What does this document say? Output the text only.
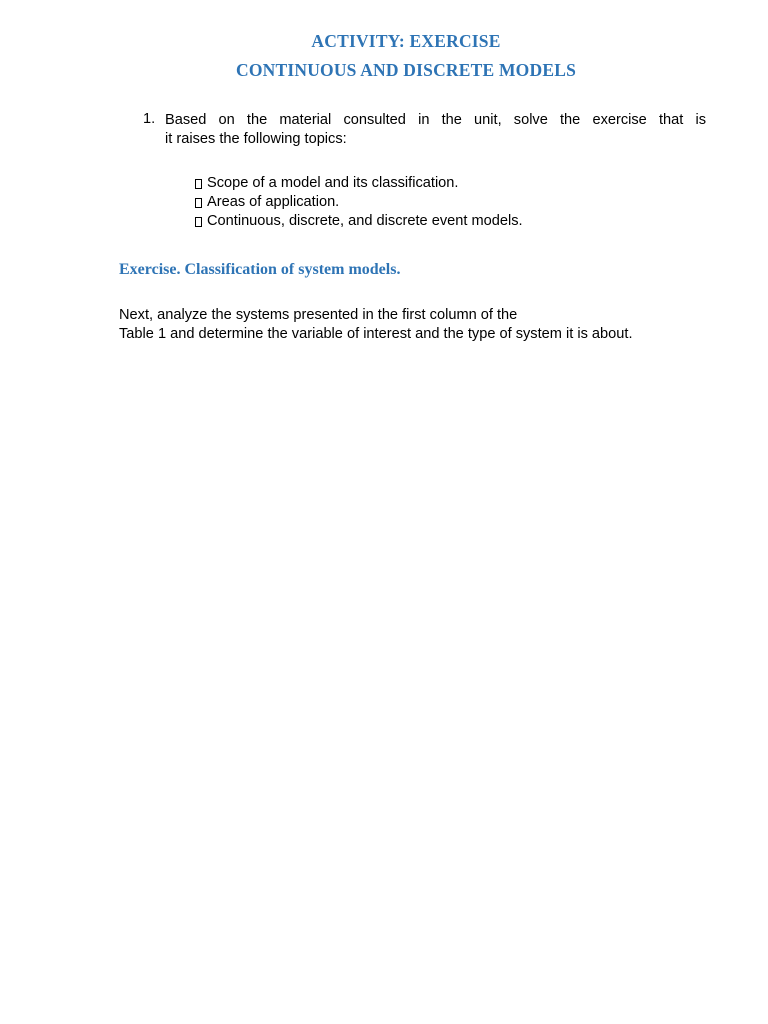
ACTIVITY: EXERCISE
CONTINUOUS AND DISCRETE MODELS
1. Based on the material consulted in the unit, solve the exercise that is
it raises the following topics:
Scope of a model and its classification.
Areas of application.
Continuous, discrete, and discrete event models.
Exercise. Classification of system models.
Next, analyze the systems presented in the first column of the
Table 1 and determine the variable of interest and the type of system it is about.
